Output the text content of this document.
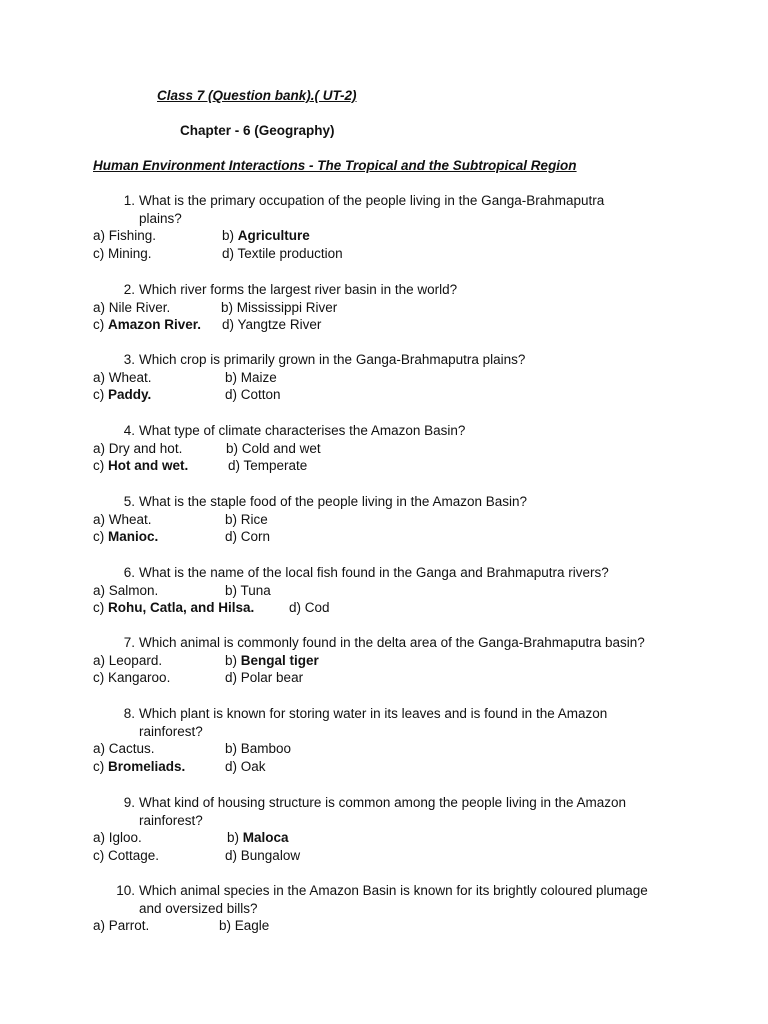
Class 7 (Question bank).( UT-2)
Chapter - 6 (Geography)
Human Environment Interactions - The Tropical and the Subtropical Region
1. What is the primary occupation of the people living in the Ganga-Brahmaputra
plains?
a) Fishing.	b) Agriculture
c) Mining.	d) Textile production
2. Which river forms the largest river basin in the world?
a) Nile River.	b) Mississippi River
c) Amazon River. d) Yangtze River
3. Which crop is primarily grown in the Ganga-Brahmaputra plains?
a) Wheat.	b) Maize
c) Paddy.	d) Cotton
4. What type of climate characterises the Amazon Basin?
a) Dry and hot.	b) Cold and wet
c) Hot and wet.	d) Temperate
5. What is the staple food of the people living in the Amazon Basin?
a) Wheat.	b) Rice
c) Manioc.	d) Corn
6. What is the name of the local fish found in the Ganga and Brahmaputra rivers?
a) Salmon.	b) Tuna
c) Rohu, Catla, and Hilsa.	d) Cod
7. Which animal is commonly found in the delta area of the Ganga-Brahmaputra basin?
a) Leopard.	b) Bengal tiger
c) Kangaroo.	d) Polar bear
8. Which plant is known for storing water in its leaves and is found in the Amazon
rainforest?
a) Cactus.	b) Bamboo
c) Bromeliads.	d) Oak
9. What kind of housing structure is common among the people living in the Amazon
rainforest?
a) Igloo.	b) Maloca
c) Cottage.	d) Bungalow
10. Which animal species in the Amazon Basin is known for its brightly coloured plumage
and oversized bills?
a) Parrot.	b) Eagle
